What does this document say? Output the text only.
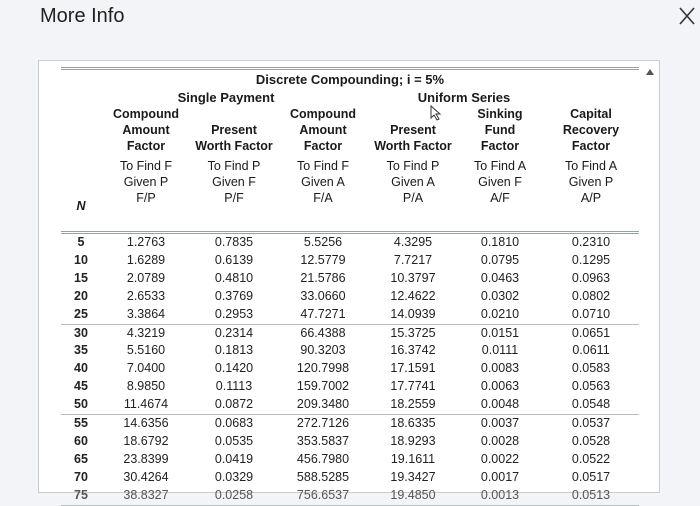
More Info
Discrete Compounding; i = 5%
Single Payment	Uniform Series
Compound
Amount
Factor
To Find F
Given P
F/P
Present
Worth Factor
To Find P
Given F
P/F
Compound
Amount
Factor
To Find F
Given A
F/A
Present
Worth Factor
To Find P
Given A
P/A
Sinking
Fund
Factor
To Find A
Given F
A/F
Capital
Recovery
Factor
To Find A
Given P
A/P
N
5	1.2763	0.7835	5.5256	4.3295	0.1810	0.2310
10	1.6289	0.6139	12.5779	7.7217	0.0795	0.1295
15	2.0789	0.4810	21.5786	10.3797	0.0463	0.0963
20	2.6533	0.3769	33.0660	12.4622	0.0302	0.0802
25	3.3864	0.2953	47.7271	14.0939	0.0210	0.0710
30	4.3219	0.2314	66.4388	15.3725	0.0151	0.0651
35	5.5160	0.1813	90.3203	16.3742	0.0111	0.0611
40	7.0400	0.1420	120.7998	17.1591	0.0083	0.0583
45	8.9850	0.1113	159.7002	17.7741	0.0063	0.0563
50	11.4674	0.0872	209.3480	18.2559	0.0048	0.0548
55	14.6356	0.0683	272.7126	18.6335	0.0037	0.0537
60	18.6792	0.0535	353.5837	18.9293	0.0028	0.0528
65	23.8399	0.0419	456.7980	19.1611	0.0022	0.0522
70	30.4264	0.0329	588.5285	19.3427	0.0017	0.0517
75	38.8327	0.0258	756.6537	19.4850	0.0013	0.0513
